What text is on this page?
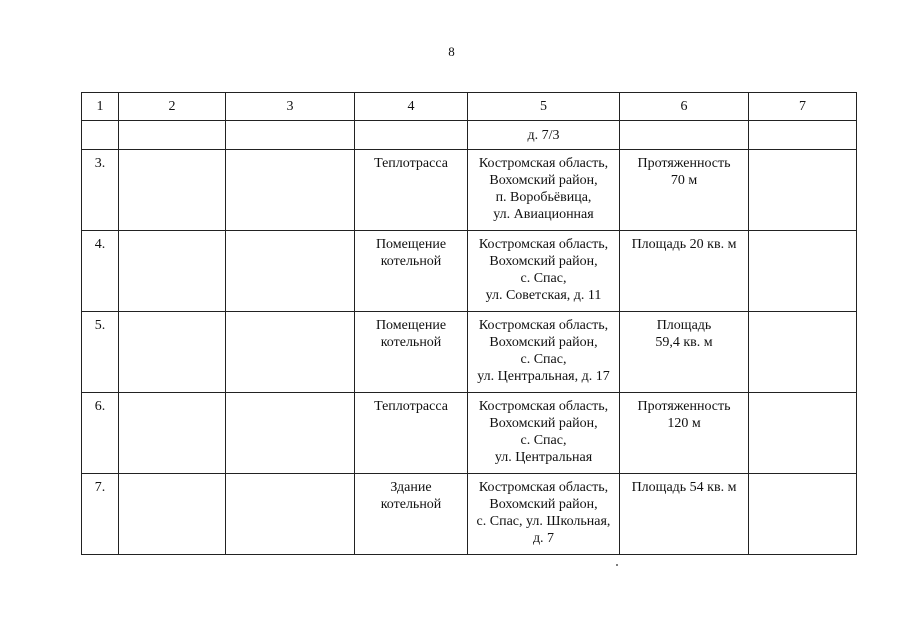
8
1	2	3	4	5	6	7
				д. 7/3		

3.			Теплотрасса	Костромская область,
Вохомский район,
п. Воробьёвица,
ул. Авиационная	Протяженность
70 м	

4.			Помещение
котельной	Костромская область,
Вохомский район,
с. Спас,
ул. Советская, д. 11	Площадь 20 кв. м	

5.			Помещение
котельной	Костромская область,
Вохомский район,
с. Спас,
ул. Центральная, д. 17	Площадь
59,4 кв. м	

6.			Теплотрасса	Костромская область,
Вохомский район,
с. Спас,
ул. Центральная	Протяженность
120 м	

7.			Здание
котельной	Костромская область,
Вохомский район,
с. Спас, ул. Школьная,
д. 7	Площадь 54 кв. м	
